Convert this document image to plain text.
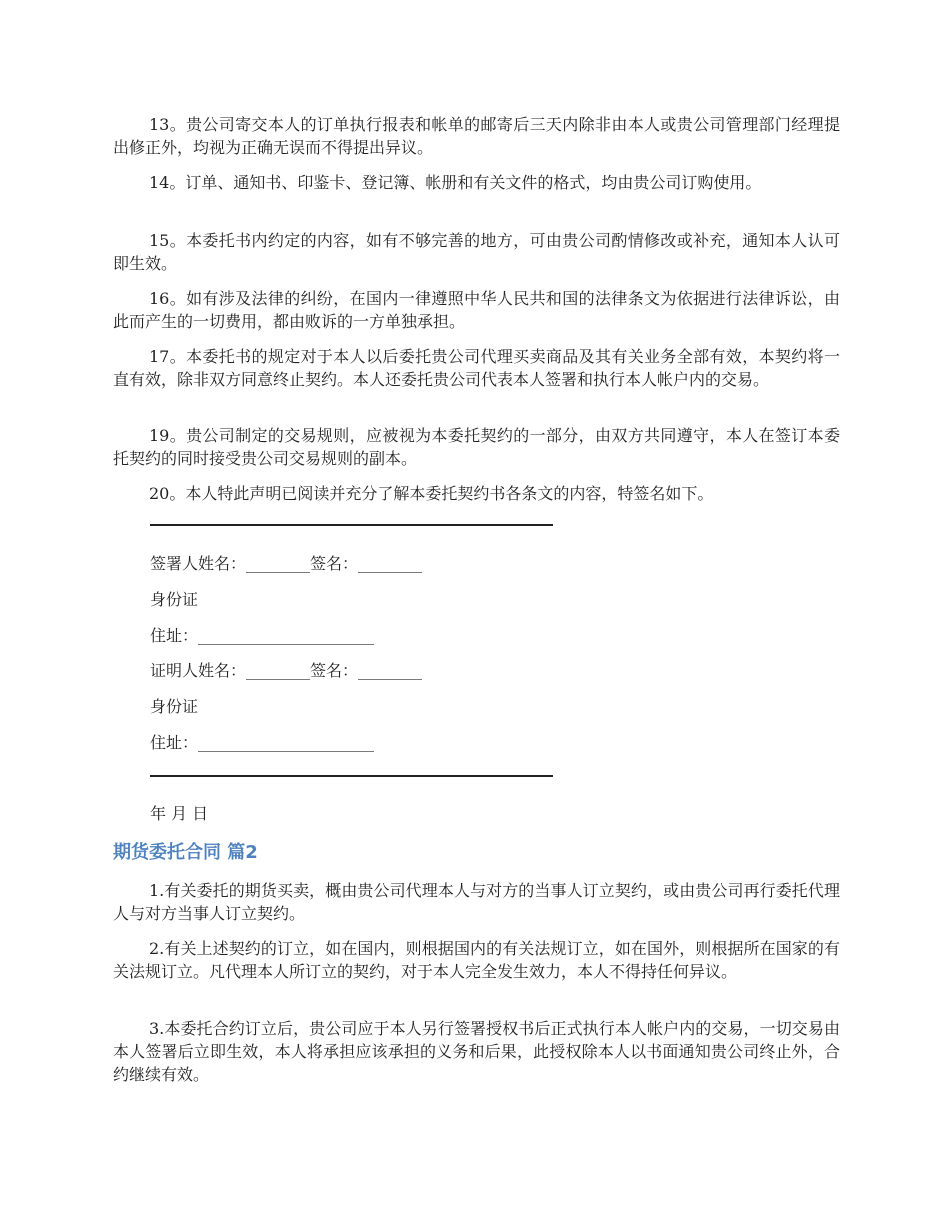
13。贵公司寄交本人的订单执行报表和帐单的邮寄后三天内除非由本人或贵公司管理部门经理提出修正外，均视为正确无误而不得提出异议。

14。订单、通知书、印鉴卡、登记簿、帐册和有关文件的格式，均由贵公司订购使用。

15。本委托书内约定的内容，如有不够完善的地方，可由贵公司酌情修改或补充，通知本人认可即生效。

16。如有涉及法律的纠纷，在国内一律遵照中华人民共和国的法律条文为依据进行法律诉讼，由此而产生的一切费用，都由败诉的一方单独承担。

17。本委托书的规定对于本人以后委托贵公司代理买卖商品及其有关业务全部有效，本契约将一直有效，除非双方同意终止契约。本人还委托贵公司代表本人签署和执行本人帐户内的交易。

19。贵公司制定的交易规则，应被视为本委托契约的一部分，由双方共同遵守，本人在签订本委托契约的同时接受贵公司交易规则的副本。

20。本人特此声明已阅读并充分了解本委托契约书各条文的内容，特签名如下。

签署人姓名：________签名：________

身份证

住址：______________________

证明人姓名：________签名：________

身份证

住址：______________________

年 月 日

期货委托合同 篇2

1.有关委托的期货买卖，概由贵公司代理本人与对方的当事人订立契约，或由贵公司再行委托代理人与对方当事人订立契约。

2.有关上述契约的订立，如在国内，则根据国内的有关法规订立，如在国外，则根据所在国家的有关法规订立。凡代理本人所订立的契约，对于本人完全发生效力，本人不得持任何异议。

3.本委托合约订立后，贵公司应于本人另行签署授权书后正式执行本人帐户内的交易，一切交易由本人签署后立即生效，本人将承担应该承担的义务和后果，此授权除本人以书面通知贵公司终止外，合约继续有效。
